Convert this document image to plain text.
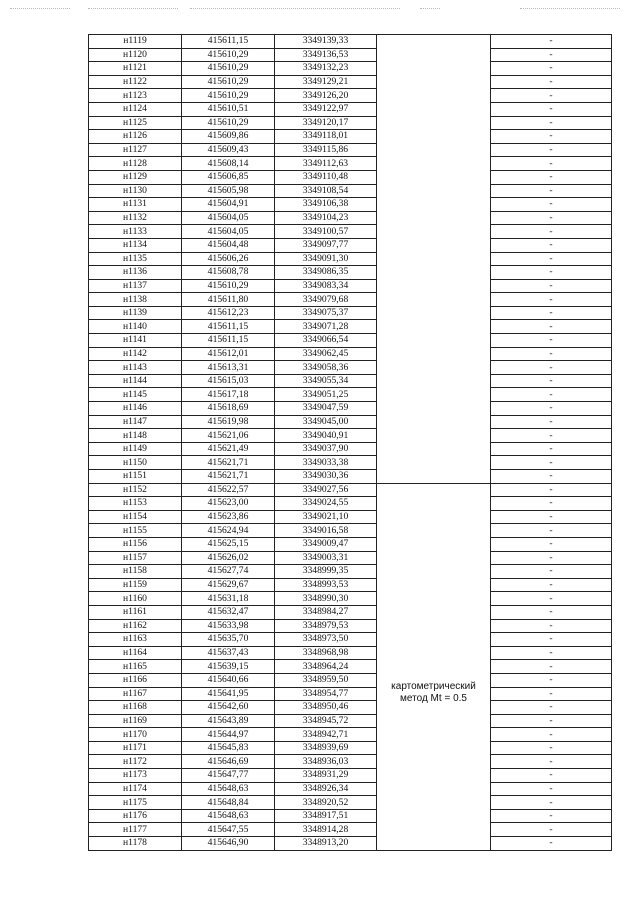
н1119	415611,15	3349139,33		-
н1120	415610,29	3349136,53		-
н1121	415610,29	3349132,23		-
н1122	415610,29	3349129,21		-
н1123	415610,29	3349126,20		-
н1124	415610,51	3349122,97		-
н1125	415610,29	3349120,17		-
н1126	415609,86	3349118,01		-
н1127	415609,43	3349115,86		-
н1128	415608,14	3349112,63		-
н1129	415606,85	3349110,48		-
н1130	415605,98	3349108,54		-
н1131	415604,91	3349106,38		-
н1132	415604,05	3349104,23		-
н1133	415604,05	3349100,57		-
н1134	415604,48	3349097,77		-
н1135	415606,26	3349091,30		-
н1136	415608,78	3349086,35		-
н1137	415610,29	3349083,34		-
н1138	415611,80	3349079,68		-
н1139	415612,23	3349075,37		-
н1140	415611,15	3349071,28		-
н1141	415611,15	3349066,54		-
н1142	415612,01	3349062,45		-
н1143	415613,31	3349058,36		-
н1144	415615,03	3349055,34		-
н1145	415617,18	3349051,25		-
н1146	415618,69	3349047,59		-
н1147	415619,98	3349045,00		-
н1148	415621,06	3349040,91		-
н1149	415621,49	3349037,90		-
н1150	415621,71	3349033,38		-
н1151	415621,71	3349030,36		-
н1152	415622,57	3349027,56	картометрический метод Mt = 0.5	-
н1153	415623,00	3349024,55		-
н1154	415623,86	3349021,10		-
н1155	415624,94	3349016,58		-
н1156	415625,15	3349009,47		-
н1157	415626,02	3349003,31		-
н1158	415627,74	3348999,35		-
н1159	415629,67	3348993,53		-
н1160	415631,18	3348990,30		-
н1161	415632,47	3348984,27		-
н1162	415633,98	3348979,53		-
н1163	415635,70	3348973,50		-
н1164	415637,43	3348968,98		-
н1165	415639,15	3348964,24		-
н1166	415640,66	3348959,50		-
н1167	415641,95	3348954,77		-
н1168	415642,60	3348950,46		-
н1169	415643,89	3348945,72		-
н1170	415644,97	3348942,71		-
н1171	415645,83	3348939,69		-
н1172	415646,69	3348936,03		-
н1173	415647,77	3348931,29		-
н1174	415648,63	3348926,34		-
н1175	415648,84	3348920,52		-
н1176	415648,63	3348917,51		-
н1177	415647,55	3348914,28		-
н1178	415646,90	3348913,20		-
